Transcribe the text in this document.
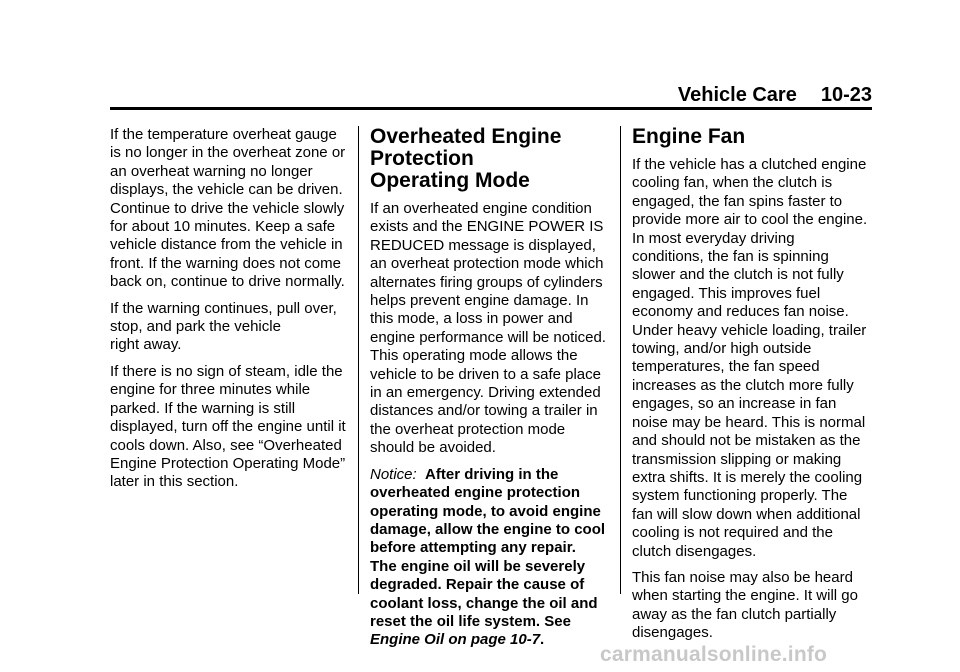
Vehicle Care 10-23

If the temperature overheat gauge is no longer in the overheat zone or an overheat warning no longer displays, the vehicle can be driven. Continue to drive the vehicle slowly for about 10 minutes. Keep a safe vehicle distance from the vehicle in front. If the warning does not come back on, continue to drive normally.

If the warning continues, pull over, stop, and park the vehicle
right away.

If there is no sign of steam, idle the engine for three minutes while parked. If the warning is still displayed, turn off the engine until it cools down. Also, see “Overheated Engine Protection Operating Mode” later in this section.

Overheated Engine
Protection
Operating Mode

If an overheated engine condition exists and the ENGINE POWER IS REDUCED message is displayed, an overheat protection mode which alternates firing groups of cylinders helps prevent engine damage. In this mode, a loss in power and engine performance will be noticed. This operating mode allows the vehicle to be driven to a safe place in an emergency. Driving extended distances and/or towing a trailer in the overheat protection mode should be avoided.

Notice: After driving in the overheated engine protection operating mode, to avoid engine damage, allow the engine to cool before attempting any repair. The engine oil will be severely degraded. Repair the cause of coolant loss, change the oil and reset the oil life system. See Engine Oil on page 10‑7.

Engine Fan

If the vehicle has a clutched engine cooling fan, when the clutch is engaged, the fan spins faster to provide more air to cool the engine. In most everyday driving conditions, the fan is spinning slower and the clutch is not fully engaged. This improves fuel economy and reduces fan noise. Under heavy vehicle loading, trailer towing, and/or high outside temperatures, the fan speed increases as the clutch more fully engages, so an increase in fan noise may be heard. This is normal and should not be mistaken as the transmission slipping or making extra shifts. It is merely the cooling system functioning properly. The fan will slow down when additional cooling is not required and the clutch disengages.

This fan noise may also be heard when starting the engine. It will go away as the fan clutch partially disengages.

carmanualsonline.info
